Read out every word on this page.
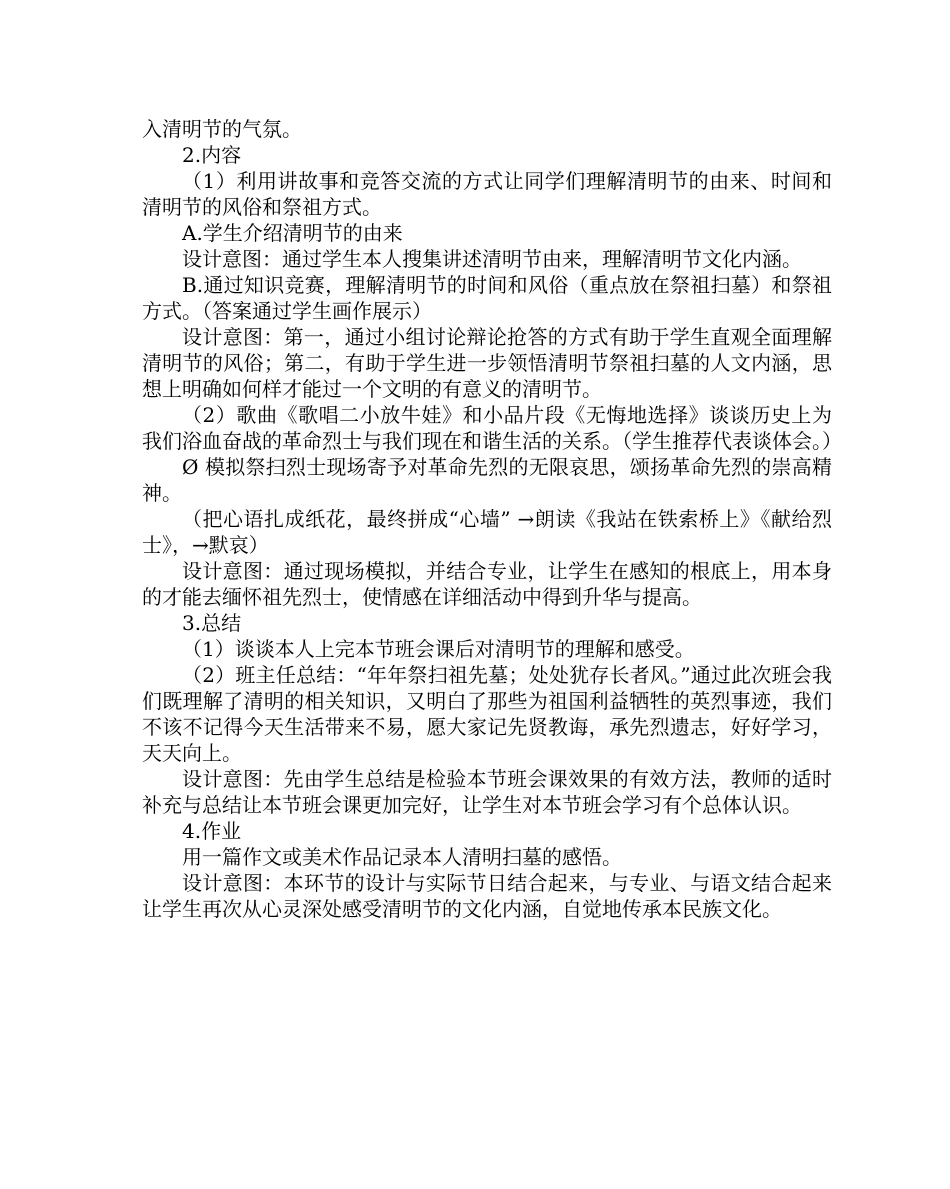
入清明节的气氛。

2.内容

（1）利用讲故事和竞答交流的方式让同学们理解清明节的由来、时间和清明节的风俗和祭祖方式。

A.学生介绍清明节的由来

设计意图：通过学生本人搜集讲述清明节由来，理解清明节文化内涵。

B.通过知识竞赛，理解清明节的时间和风俗（重点放在祭祖扫墓）和祭祖方式。（答案通过学生画作展示）

设计意图：第一，通过小组讨论辩论抢答的方式有助于学生直观全面理解清明节的风俗；第二，有助于学生进一步领悟清明节祭祖扫墓的人文内涵，思想上明确如何样才能过一个文明的有意义的清明节。

（2）歌曲《歌唱二小放牛娃》和小品片段《无悔地选择》谈谈历史上为我们浴血奋战的革命烈士与我们现在和谐生活的关系。（学生推荐代表谈体会。）

Ø 模拟祭扫烈士现场寄予对革命先烈的无限哀思，颂扬革命先烈的崇高精神。

（把心语扎成纸花，最终拼成“心墙” →朗读《我站在铁索桥上》《献给烈士》，→默哀）

设计意图：通过现场模拟，并结合专业，让学生在感知的根底上，用本身的才能去缅怀祖先烈士，使情感在详细活动中得到升华与提高。

3.总结

（1）谈谈本人上完本节班会课后对清明节的理解和感受。

（2）班主任总结：“年年祭扫祖先墓；处处犹存长者风。”通过此次班会我们既理解了清明的相关知识，又明白了那些为祖国利益牺牲的英烈事迹，我们不该不记得今天生活带来不易，愿大家记先贤教诲，承先烈遗志，好好学习，天天向上。

设计意图：先由学生总结是检验本节班会课效果的有效方法，教师的适时补充与总结让本节班会课更加完好，让学生对本节班会学习有个总体认识。

4.作业

用一篇作文或美术作品记录本人清明扫墓的感悟。

设计意图：本环节的设计与实际节日结合起来，与专业、与语文结合起来让学生再次从心灵深处感受清明节的文化内涵，自觉地传承本民族文化。
